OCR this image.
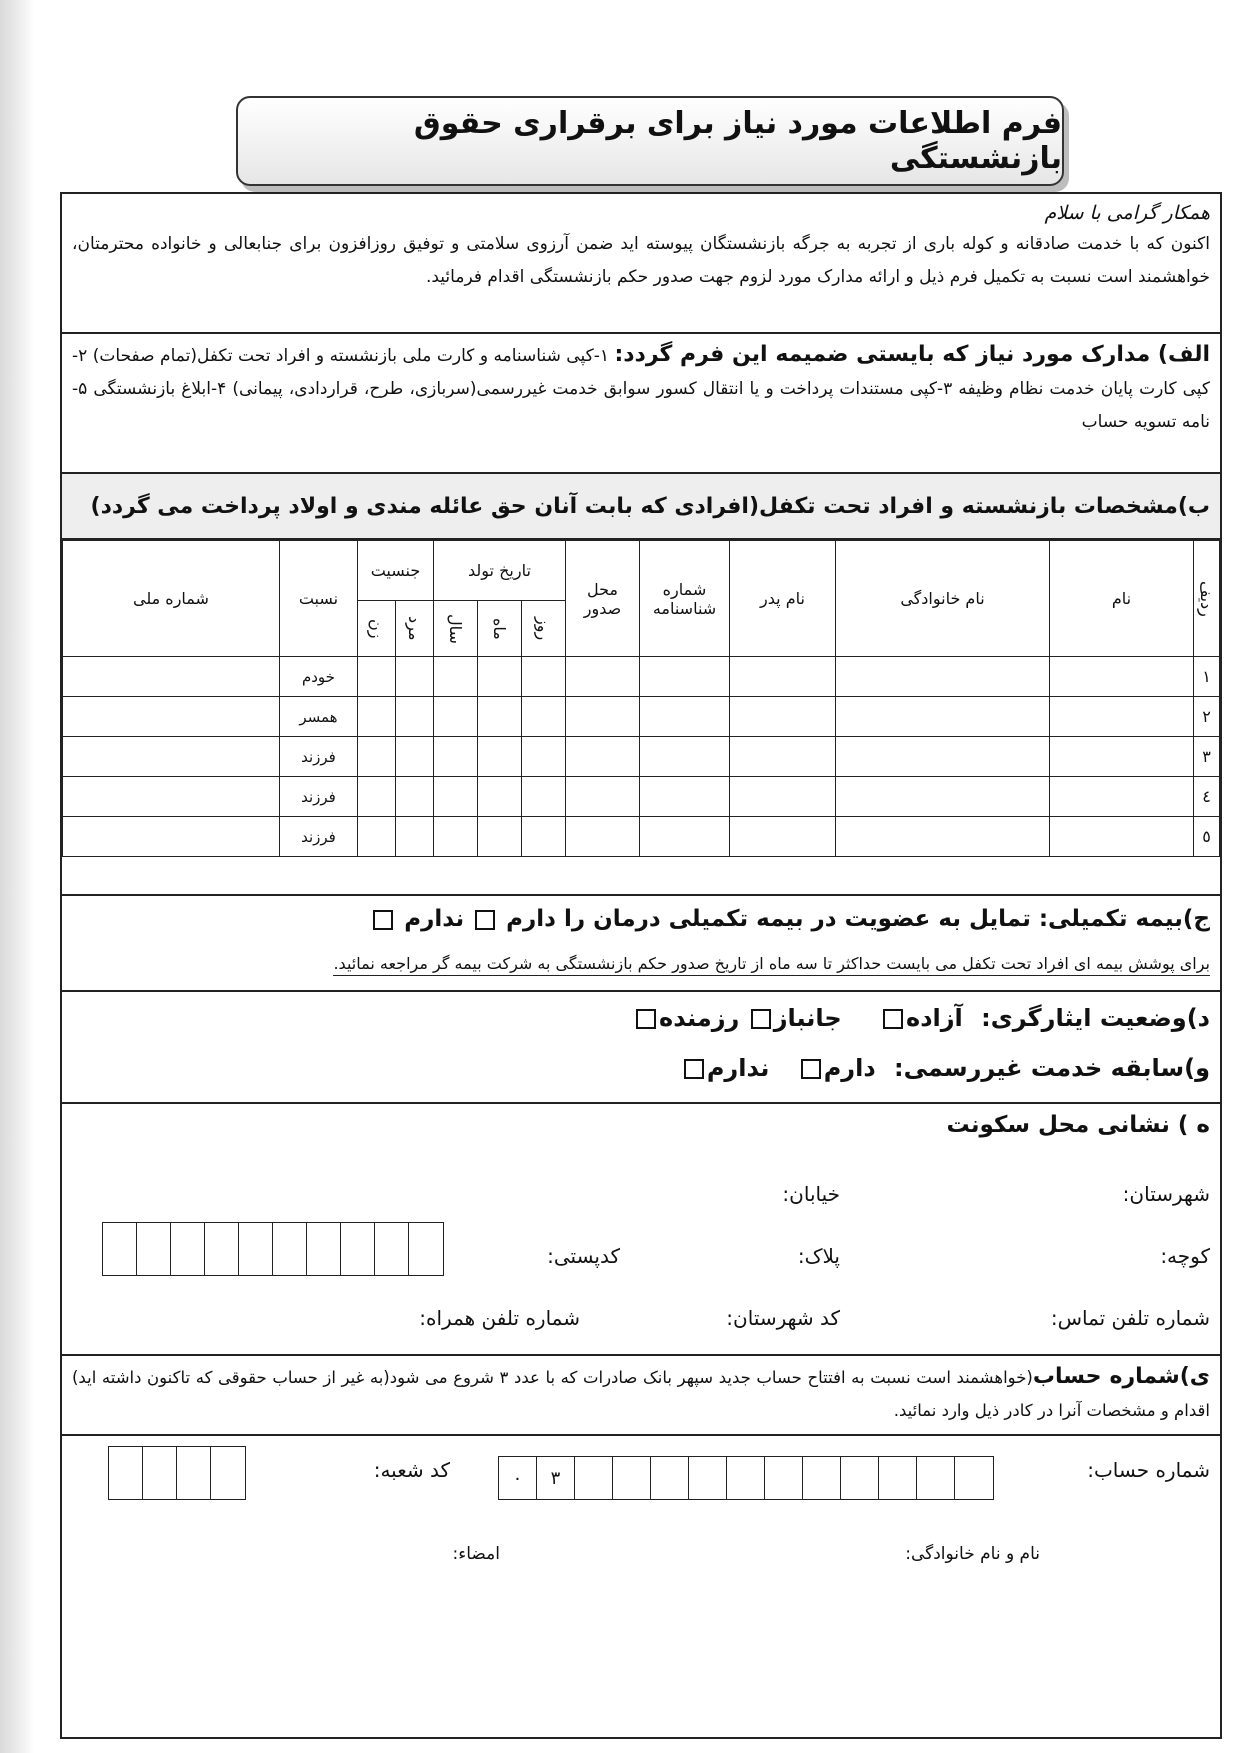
فرم اطلاعات مورد نیاز برای برقراری حقوق بازنشستگی
همکار گرامی با سلام

اکنون که با خدمت صادقانه و کوله باری از تجربه به جرگه بازنشستگان پیوسته اید ضمن آرزوی سلامتی و توفیق روزافزون برای جنابعالی و خانواده محترمتان، خواهشمند است نسبت به تکمیل فرم ذیل و ارائه مدارک مورد لزوم جهت صدور حکم بازنشستگی اقدام فرمائید.

الف) مدارک مورد نیاز که بایستی ضمیمه این فرم گردد: ۱-کپی شناسنامه و کارت ملی بازنشسته و افراد تحت تکفل(تمام صفحات) ۲-کپی کارت پایان خدمت نظام وظیفه ۳-کپی مستندات پرداخت و یا انتقال کسور سوابق خدمت غیررسمی(سربازی، طرح، قراردادی، پیمانی) ۴-ابلاغ بازنشستگی ۵-نامه تسویه حساب

ب)مشخصات بازنشسته و افراد تحت تکفل(افرادی که بابت آنان حق عائله مندی و اولاد پرداخت می گردد)
ردیف	نام	نام خانوادگی	نام پدر	شماره شناسنامه	محل صدور	تاریخ تولد			جنسیت		نسبت	شماره ملی
						روز	ماه	سال	مرد	زن		
۱											خودم	
۲											همسر	
۳											فرزند	
٤											فرزند	
٥											فرزند	
ج)بیمه تکمیلی: تمایل به عضویت در بیمه تکمیلی درمان را دارم  ندارم
برای پوشش بیمه ای افراد تحت تکفل می بایست حداکثر تا سه ماه از تاریخ صدور حکم بازنشستگی به شرکت بیمه گر مراجعه نمائید.
د)وضعیت ایثارگری: آزاده جانباز رزمنده
و)سابقه خدمت غیررسمی: دارم ندارم
ه ) نشانی محل سکونت
شهرستان:
خیابان:
کوچه:
پلاک:
کدپستی:
شماره تلفن تماس:
کد شهرستان:
شماره تلفن همراه:

ی)شماره حساب(خواهشمند است نسبت به افتتاح حساب جدید سپهر بانک صادرات که با عدد ۳ شروع می شود(به غیر از حساب حقوقی که تاکنون داشته اید) اقدام و مشخصات آنرا در کادر ذیل وارد نمائید.

شماره حساب:
۰	۳
کد شعبه:
نام و نام خانوادگی:
امضاء:
